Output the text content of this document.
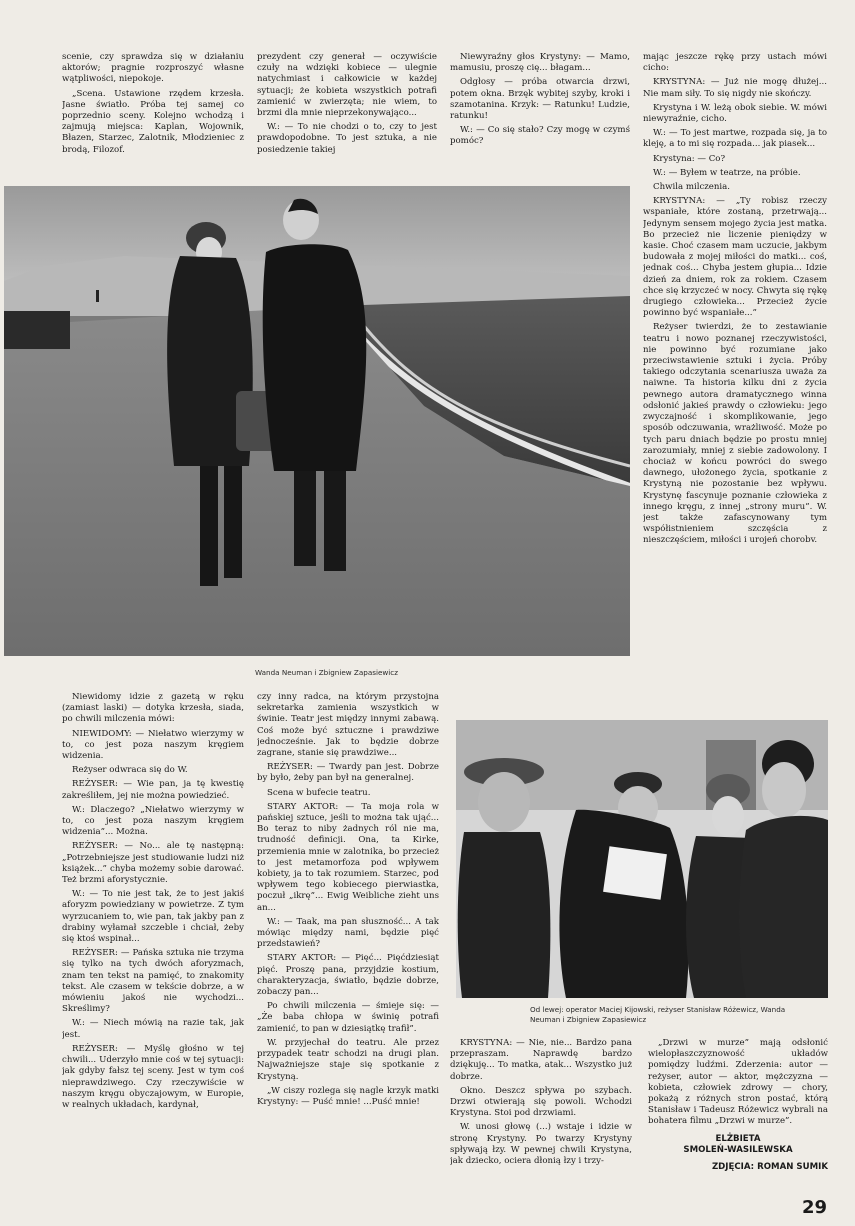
scenie, czy sprawdza się w działaniu aktorów; pragnie rozproszyć własne wątpliwości, niepokoje.

„Scena. Ustawione rzędem krzesła. Jasne światło. Próba tej samej co poprzednio sceny. Kolejno wchodzą i zajmują miejsca: Kaplan, Wojownik, Błazen, Starzec, Zalotnik, Młodzieniec z brodą, Filozof.

prezydent czy generał — oczywiście czuły na wdzięki kobiece — ulegnie natychmiast i całkowicie w każdej sytuacji; że kobieta wszystkich potrafi zamienić w zwierzęta; nie wiem, to brzmi dla mnie nieprzekonywająco...

W.: — To nie chodzi o to, czy to jest prawdopodobne. To jest sztuka, a nie posiedzenie takiej

Niewyraźny głos Krystyny: — Mamo, mamusiu, proszę cię... błagam...

Odgłosy — próba otwarcia drzwi, potem okna. Brzęk wybitej szyby, kroki i szamotanina. Krzyk: — Ratunku! Ludzie, ratunku!

W.: — Co się stało? Czy mogę w czymś pomóc?

mając jeszcze rękę przy ustach mówi cicho:

KRYSTYNA: — Już nie mogę dłużej... Nie mam siły. To się nigdy nie skończy.

Krystyna i W. leżą obok siebie. W. mówi niewyraźnie, cicho.

W.: — To jest martwe, rozpada się, ja to kleję, a to mi się rozpada... jak piasek...

Krystyna: — Co?

W.: — Byłem w teatrze, na próbie.

Chwila milczenia.

KRYSTYNA: — „Ty robisz rzeczy wspaniałe, które zostaną, przetrwają... Jedynym sensem mojego życia jest matka. Bo przecież nie liczenie pieniędzy w kasie. Choć czasem mam uczucie, jakbym budowała z mojej miłości do matki... coś, jednak coś... Chyba jestem głupia... Idzie dzień za dniem, rok za rokiem. Czasem chce się krzyczeć w nocy. Chwyta się rękę drugiego człowieka... Przecież życie powinno być wspaniałe...”

Reżyser twierdzi, że to zestawianie teatru i nowo poznanej rzeczywistości, nie powinno być rozumiane jako przeciwstawienie sztuki i życia. Próby takiego odczytania scenariusza uważa za naiwne. Ta historia kilku dni z życia pewnego autora dramatycznego winna odsłonić jakieś prawdy o człowieku: jego zwyczajność i skomplikowanie, jego sposób odczuwania, wrażliwość. Może po tych paru dniach będzie po prostu mniej zarozumiały, mniej z siebie zadowolony. I chociaż w końcu powróci do swego dawnego, ułożonego życia, spotkanie z Krystyną nie pozostanie bez wpływu. Krystynę fascynuje poznanie człowieka z innego kręgu, z innej „strony muru”. W. jest także zafascynowany tym współistnieniem szczęścia z nieszczęściem, miłości i urojeń chorobv.

Wanda Neuman i Zbigniew Zapasiewicz

Niewidomy idzie z gazetą w ręku (zamiast laski) — dotyka krzesła, siada, po chwili milczenia mówi:

NIEWIDOMY: — Niełatwo wierzymy w to, co jest poza naszym kręgiem widzenia.

Reżyser odwraca się do W.

REŻYSER: — Wie pan, ja tę kwestię zakreśliłem, jej nie można powiedzieć.

W.: Dlaczego? „Niełatwo wierzymy w to, co jest poza naszym kręgiem widzenia”... Można.

REŻYSER: — No... ale tę następną: „Potrzebniejsze jest studiowanie ludzi niż książek...” chyba możemy sobie darować. Też brzmi aforystycznie.

W.: — To nie jest tak, że to jest jakiś aforyzm powiedziany w powietrze. Z tym wyrzucaniem to, wie pan, tak jakby pan z drabiny wyłamał szczeble i chciał, żeby się ktoś wspinał...

REŻYSER: — Pańska sztuka nie trzyma się tylko na tych dwóch aforyzmach, znam ten tekst na pamięć, to znakomity tekst. Ale czasem w tekście dobrze, a w mówieniu jakoś nie wychodzi... Skreślimy?

W.: — Niech mówią na razie tak, jak jest.

REŻYSER: — Myślę głośno w tej chwili... Uderzyło mnie coś w tej sytuacji: jak gdyby fałsz tej sceny. Jest w tym coś nieprawdziwego. Czy rzeczywiście w naszym kręgu obyczajowym, w Europie, w realnych układach, kardynał,

czy inny radca, na którym przystojna sekretarka zamienia wszystkich w świnie. Teatr jest między innymi zabawą. Coś może być sztuczne i prawdziwe jednocześnie. Jak to będzie dobrze zagrane, stanie się prawdziwe...

REŻYSER: — Twardy pan jest. Dobrze by było, żeby pan był na generalnej.

Scena w bufecie teatru.

STARY AKTOR: — Ta moja rola w pańskiej sztuce, jeśli to można tak ująć... Bo teraz to niby żadnych ról nie ma, trudność definicji. Ona, ta Kirke, przemienia mnie w zalotnika, bo przecież to jest metamorfoza pod wpływem kobiety, ja to tak rozumiem. Starzec, pod wpływem tego kobiecego pierwiastka, poczuł „ikrę”... Ewig Weibliche zieht uns an...

W.: — Taak, ma pan słuszność... A tak mówiąc między nami, będzie pięć przedstawień?

STARY AKTOR: — Pięć... Pięćdziesiąt pięć. Proszę pana, przyjdzie kostium, charakteryzacja, światło, będzie dobrze, zobaczy pan...

Po chwili milczenia — śmieje się: — „Że baba chłopa w świnię potrafi zamienić, to pan w dziesiątkę trafił”.

W. przyjechał do teatru. Ale przez przypadek teatr schodzi na drugi plan. Najważniejsze staje się spotkanie z Krystyną.

„W ciszy rozlega się nagle krzyk matki Krystyny: — Puść mnie! ...Puść mnie!

Od lewej: operator Maciej Kijowski, reżyser Stanisław Różewicz, Wanda Neuman i Zbigniew Zapasiewicz

KRYSTYNA: — Nie, nie... Bardzo pana przepraszam. Naprawdę bardzo dziękuję... To matka, atak... Wszystko już dobrze.

Okno. Deszcz spływa po szybach. Drzwi otwierają się powoli. Wchodzi Krystyna. Stoi pod drzwiami.

W. unosi głowę (...) wstaje i idzie w stronę Krystyny. Po twarzy Krystyny spływają łzy. W pewnej chwili Krystyna, jak dziecko, ociera dłonią łzy i trzy-

„Drzwi w murze” mają odsłonić wielopłaszczyznowość układów pomiędzy ludźmi. Zderzenia: autor — reżyser, autor — aktor, mężczyzna — kobieta, człowiek zdrowy — chory, pokażą z różnych stron postać, którą Stanisław i Tadeusz Różewicz wybrali na bohatera filmu „Drzwi w murze”.

ELŻBIETA
SMOLEŃ-WASILEWSKA
ZDJĘCIA: ROMAN SUMIK
29
